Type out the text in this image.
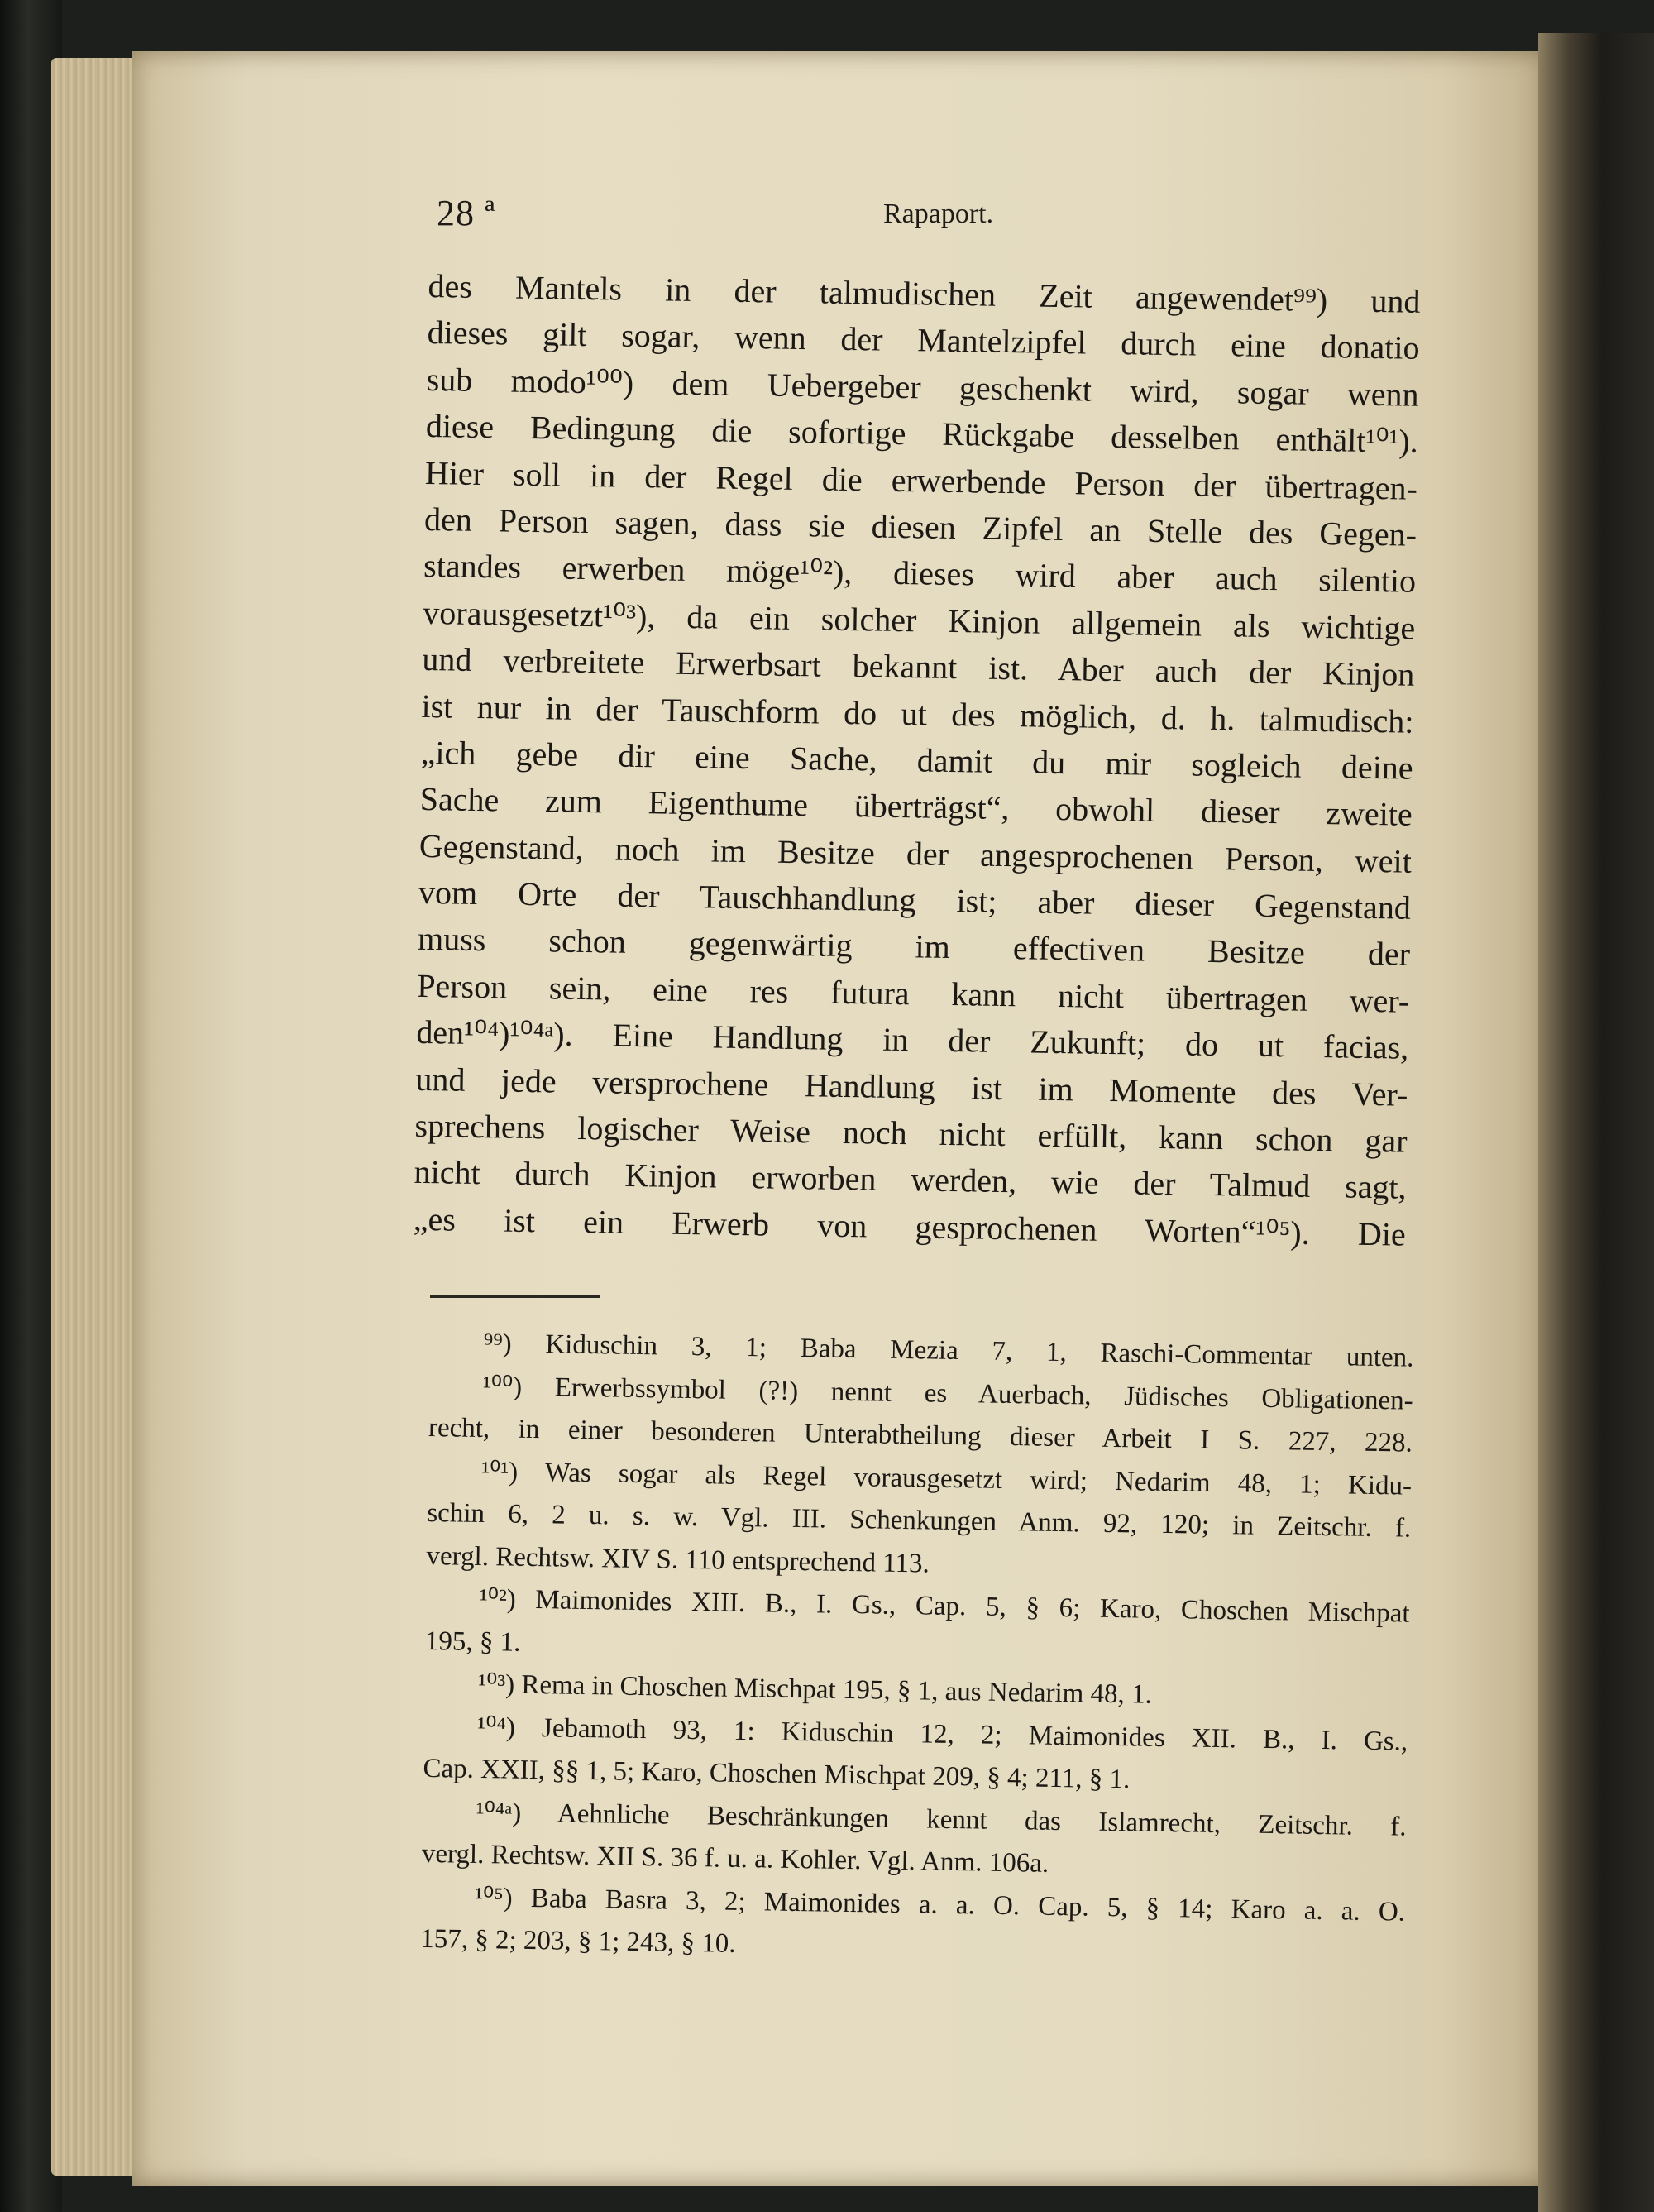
28 ª	Rapaport.
des Mantels in der talmudischen Zeit angewendet⁹⁹) und
dieses gilt sogar, wenn der Mantelzipfel durch eine donatio
sub modo¹⁰⁰) dem Uebergeber geschenkt wird, sogar wenn
diese Bedingung die sofortige Rückgabe desselben enthält¹⁰¹).
Hier soll in der Regel die erwerbende Person der übertragen-
den Person sagen, dass sie diesen Zipfel an Stelle des Gegen-
standes erwerben möge¹⁰²), dieses wird aber auch silentio
vorausgesetzt¹⁰³), da ein solcher Kinjon allgemein als wichtige
und verbreitete Erwerbsart bekannt ist. Aber auch der Kinjon
ist nur in der Tauschform do ut des möglich, d. h. talmudisch:
„ich gebe dir eine Sache, damit du mir sogleich deine
Sache zum Eigenthume überträgst“, obwohl dieser zweite
Gegenstand, noch im Besitze der angesprochenen Person, weit
vom Orte der Tauschhandlung ist; aber dieser Gegenstand
muss schon gegenwärtig im effectiven Besitze der
Person sein, eine res futura kann nicht übertragen wer-
den¹⁰⁴)¹⁰⁴ᵃ). Eine Handlung in der Zukunft; do ut facias,
und jede versprochene Handlung ist im Momente des Ver-
sprechens logischer Weise noch nicht erfüllt, kann schon gar
nicht durch Kinjon erworben werden, wie der Talmud sagt,
„es ist ein Erwerb von gesprochenen Worten“¹⁰⁵). Die
⁹⁹) Kiduschin 3, 1; Baba Mezia 7, 1, Raschi-Commentar unten.
¹⁰⁰) Erwerbssymbol (?!) nennt es Auerbach, Jüdisches Obligationen-
recht, in einer besonderen Unterabtheilung dieser Arbeit I S. 227, 228.
¹⁰¹) Was sogar als Regel vorausgesetzt wird; Nedarim 48, 1; Kidu-
schin 6, 2 u. s. w. Vgl. III. Schenkungen Anm. 92, 120; in Zeitschr. f.
vergl. Rechtsw. XIV S. 110 entsprechend 113.
¹⁰²) Maimonides XIII. B., I. Gs., Cap. 5, § 6; Karo, Choschen Mischpat
195, § 1.
¹⁰³) Rema in Choschen Mischpat 195, § 1, aus Nedarim 48, 1.
¹⁰⁴) Jebamoth 93, 1: Kiduschin 12, 2; Maimonides XII. B., I. Gs.,
Cap. XXII, §§ 1, 5; Karo, Choschen Mischpat 209, § 4; 211, § 1.
¹⁰⁴ᵃ) Aehnliche Beschränkungen kennt das Islamrecht, Zeitschr. f.
vergl. Rechtsw. XII S. 36 f. u. a. Kohler. Vgl. Anm. 106a.
¹⁰⁵) Baba Basra 3, 2; Maimonides a. a. O. Cap. 5, § 14; Karo a. a. O.
157, § 2; 203, § 1; 243, § 10.
